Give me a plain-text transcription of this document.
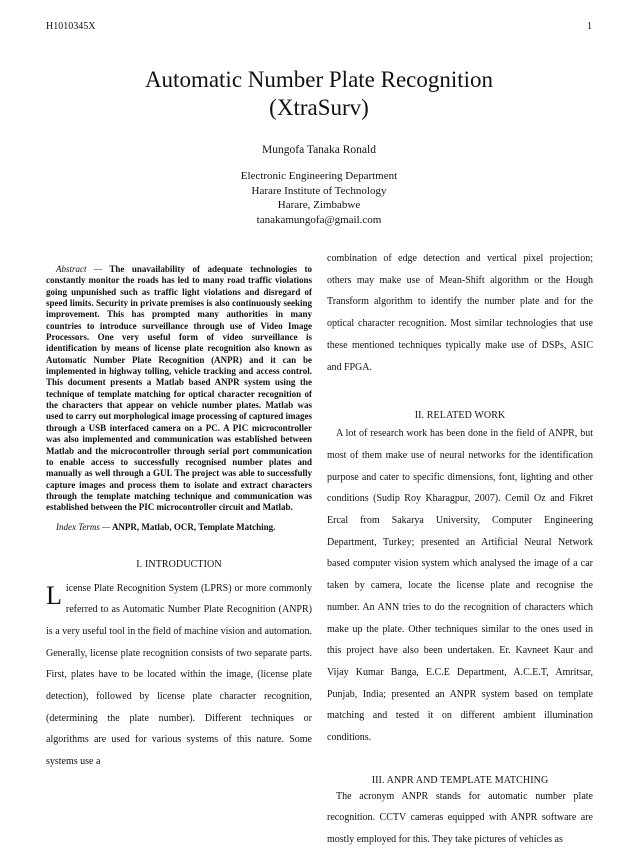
H1010345X	1
Automatic Number Plate Recognition
(XtraSurv)
Mungofa Tanaka Ronald
Electronic Engineering Department
Harare Institute of Technology
Harare, Zimbabwe
tanakamungofa@gmail.com

Abstract — The unavailability of adequate technologies to constantly monitor the roads has led to many road traffic violations going unpunished such as traffic light violations and disregard of speed limits. Security in private premises is also continuously seeking improvement. This has prompted many authorities in many countries to introduce surveillance through use of Video Image Processors. One very useful form of video surveillance is identification by means of license plate recognition also known as Automatic Number Plate Recognition (ANPR) and it can be implemented in highway tolling, vehicle tracking and access control. This document presents a Matlab based ANPR system using the technique of template matching for optical character recognition of the characters that appear on vehicle number plates. Matlab was used to carry out morphological image processing of captured images through a USB interfaced camera on a PC. A PIC microcontroller was also implemented and communication was established between Matlab and the microcontroller through serial port communication to enable access to successfully recognised number plates and manually as well through a GUI. The project was able to successfully capture images and process them to isolate and extract characters through the template matching technique and communication was established between the PIC microcontroller circuit and Matlab.

Index Terms — ANPR, Matlab, OCR, Template Matching.

I. INTRODUCTION

License Plate Recognition System (LPRS) or more commonly referred to as Automatic Number Plate Recognition (ANPR) is a very useful tool in the field of machine vision and automation. Generally, license plate recognition consists of two separate parts. First, plates have to be located within the image, (license plate detection), followed by license plate character recognition, (determining the plate number). Different techniques or algorithms are used for various systems of this nature. Some systems use a

combination of edge detection and vertical pixel projection; others may make use of Mean-Shift algorithm or the Hough Transform algorithm to identify the number plate and for the optical character recognition. Most similar technologies that use these mentioned techniques typically make use of DSPs, ASIC and FPGA.

II. RELATED WORK

A lot of research work has been done in the field of ANPR, but most of them make use of neural networks for the identification purpose and cater to specific dimensions, font, lighting and other conditions (Sudip Roy Kharagpur, 2007). Cemil Oz and Fikret Ercal from Sakarya University, Computer Engineering Department, Turkey; presented an Artificial Neural Network based computer vision system which analysed the image of a car taken by camera, locate the license plate and recognise the number. An ANN tries to do the recognition of characters which make up the plate. Other techniques similar to the ones used in this project have also been undertaken. Er. Kavneet Kaur and Vijay Kumar Banga, E.C.E Department, A.C.E.T, Amritsar, Punjab, India; presented an ANPR system based on template matching and tested it on different ambient illumination conditions.

III. ANPR AND TEMPLATE MATCHING

The acronym ANPR stands for automatic number plate recognition. CCTV cameras equipped with ANPR software are mostly employed for this. They take pictures of vehicles as
